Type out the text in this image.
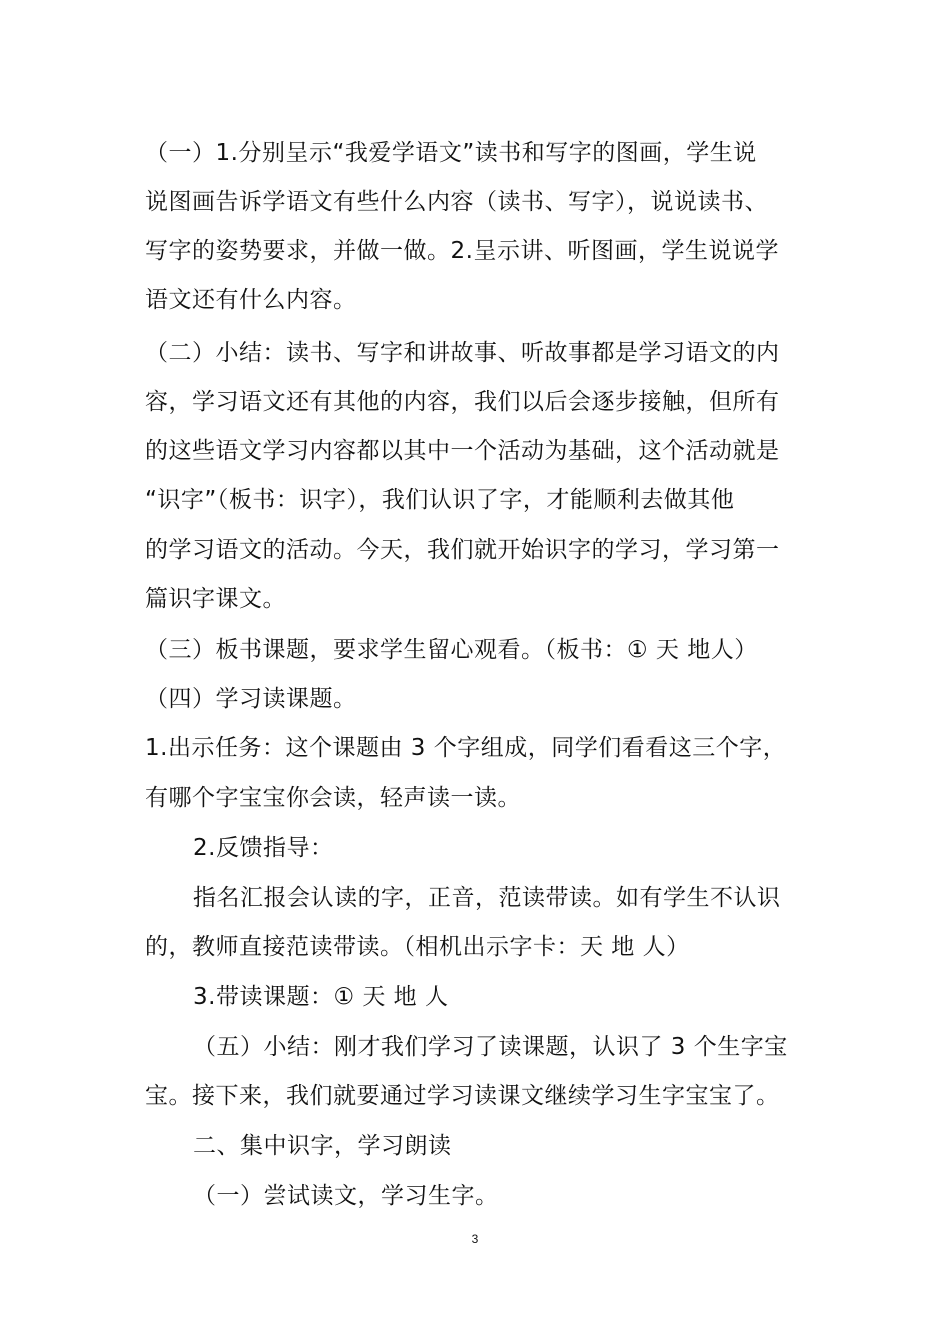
（一）1.分别呈示“我爱学语文”读书和写字的图画，学生说
说图画告诉学语文有些什么内容（读书、写字），说说读书、
写字的姿势要求，并做一做。2.呈示讲、听图画，学生说说学
语文还有什么内容。
（二）小结：读书、写字和讲故事、听故事都是学习语文的内
容，学习语文还有其他的内容，我们以后会逐步接触，但所有
的这些语文学习内容都以其中一个活动为基础，这个活动就是
“识字”（板书：识字），我们认识了字，才能顺利去做其他
的学习语文的活动。今天，我们就开始识字的学习，学习第一
篇识字课文。
（三）板书课题，要求学生留心观看。（板书：① 天 地人）
（四）学习读课题。
1.出示任务：这个课题由 3 个字组成，同学们看看这三个字，
有哪个字宝宝你会读，轻声读一读。
2.反馈指导：
指名汇报会认读的字，正音，范读带读。如有学生不认识
的，教师直接范读带读。（相机出示字卡：天 地 人）
3.带读课题：① 天 地 人
（五）小结：刚才我们学习了读课题，认识了 3 个生字宝
宝。接下来，我们就要通过学习读课文继续学习生字宝宝了。
二、集中识字，学习朗读
（一）尝试读文，学习生字。
3
